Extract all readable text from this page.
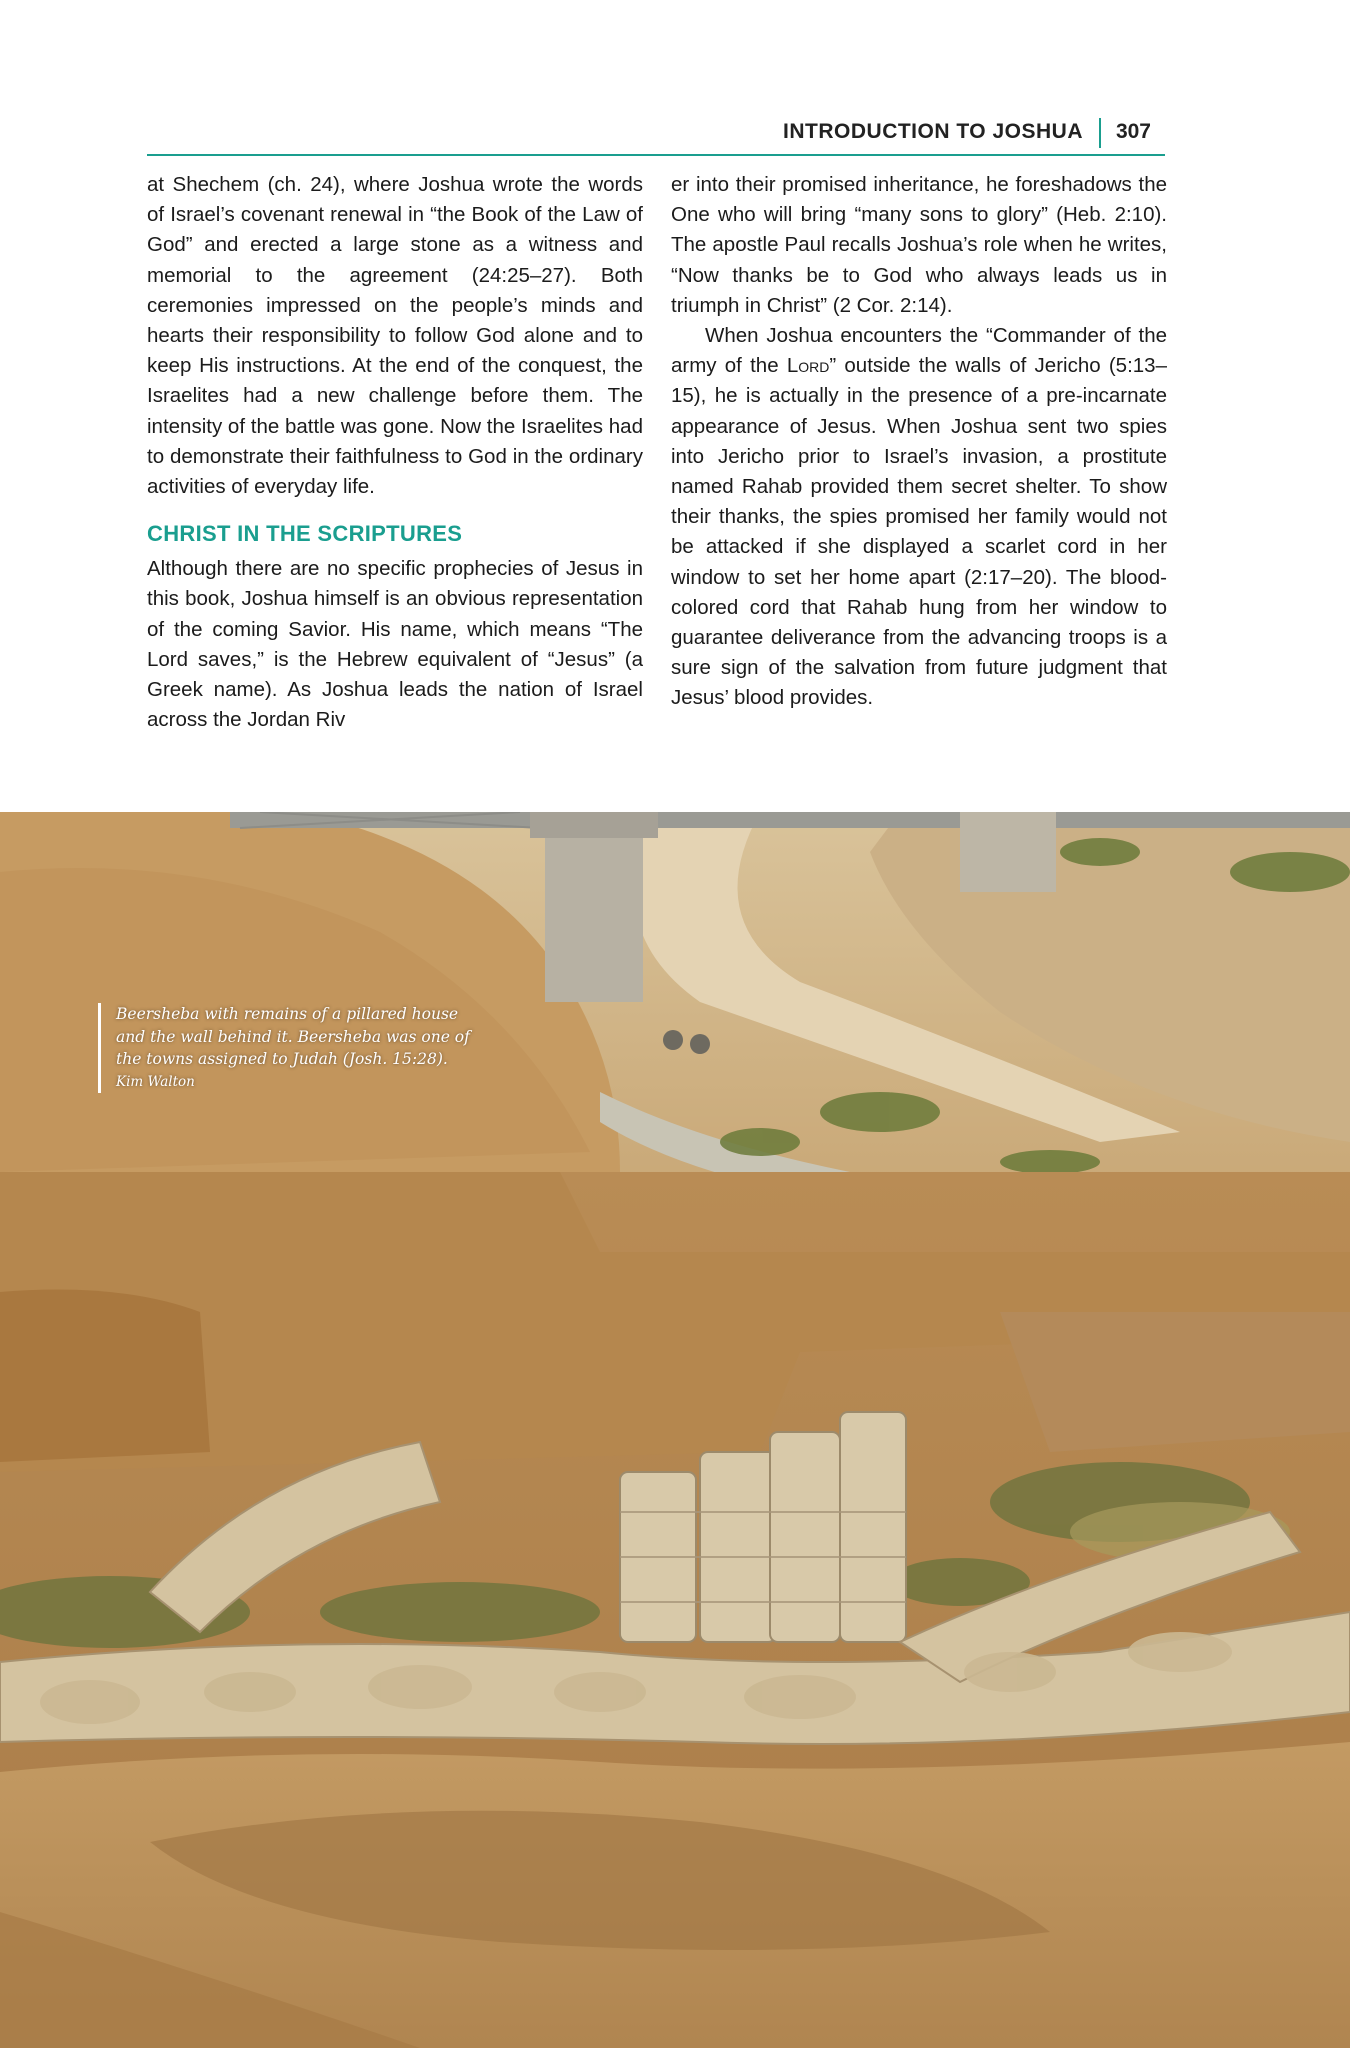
INTRODUCTION TO JOSHUA 307

at Shechem (ch. 24), where Joshua wrote the words of Israel’s covenant renewal in “the Book of the Law of God” and erected a large stone as a witness and memorial to the agreement (24:25–27). Both ceremonies impressed on the people’s minds and hearts their responsibility to follow God alone and to keep His instructions. At the end of the conquest, the Israelites had a new challenge before them. The intensity of the battle was gone. Now the Israelites had to demonstrate their faithfulness to God in the ordinary activities of everyday life.

CHRIST IN THE SCRIPTURES

Although there are no specific prophecies of Jesus in this book, Joshua himself is an obvious representation of the coming Savior. His name, which means “The Lord saves,” is the Hebrew equivalent of “Jesus” (a Greek name). As Joshua leads the nation of Israel across the Jordan Riv

er into their promised inheritance, he foreshadows the One who will bring “many sons to glory” (Heb. 2:10). The apostle Paul recalls Joshua’s role when he writes, “Now thanks be to God who always leads us in triumph in Christ” (2 Cor. 2:14).

When Joshua encounters the “Commander of the army of the Lord” outside the walls of Jericho (5:13–15), he is actually in the presence of a pre-incarnate appearance of Jesus. When Joshua sent two spies into Jericho prior to Israel’s invasion, a prostitute named Rahab provided them secret shelter. To show their thanks, the spies promised her family would not be attacked if she displayed a scarlet cord in her window to set her home apart (2:17–20). The blood-colored cord that Rahab hung from her window to guarantee deliverance from the advancing troops is a sure sign of the salvation from future judgment that Jesus’ blood provides.

Beersheba with remains of a pillared house and the wall behind it. Beersheba was one of the towns assigned to Judah (Josh. 15:28).
Kim Walton
